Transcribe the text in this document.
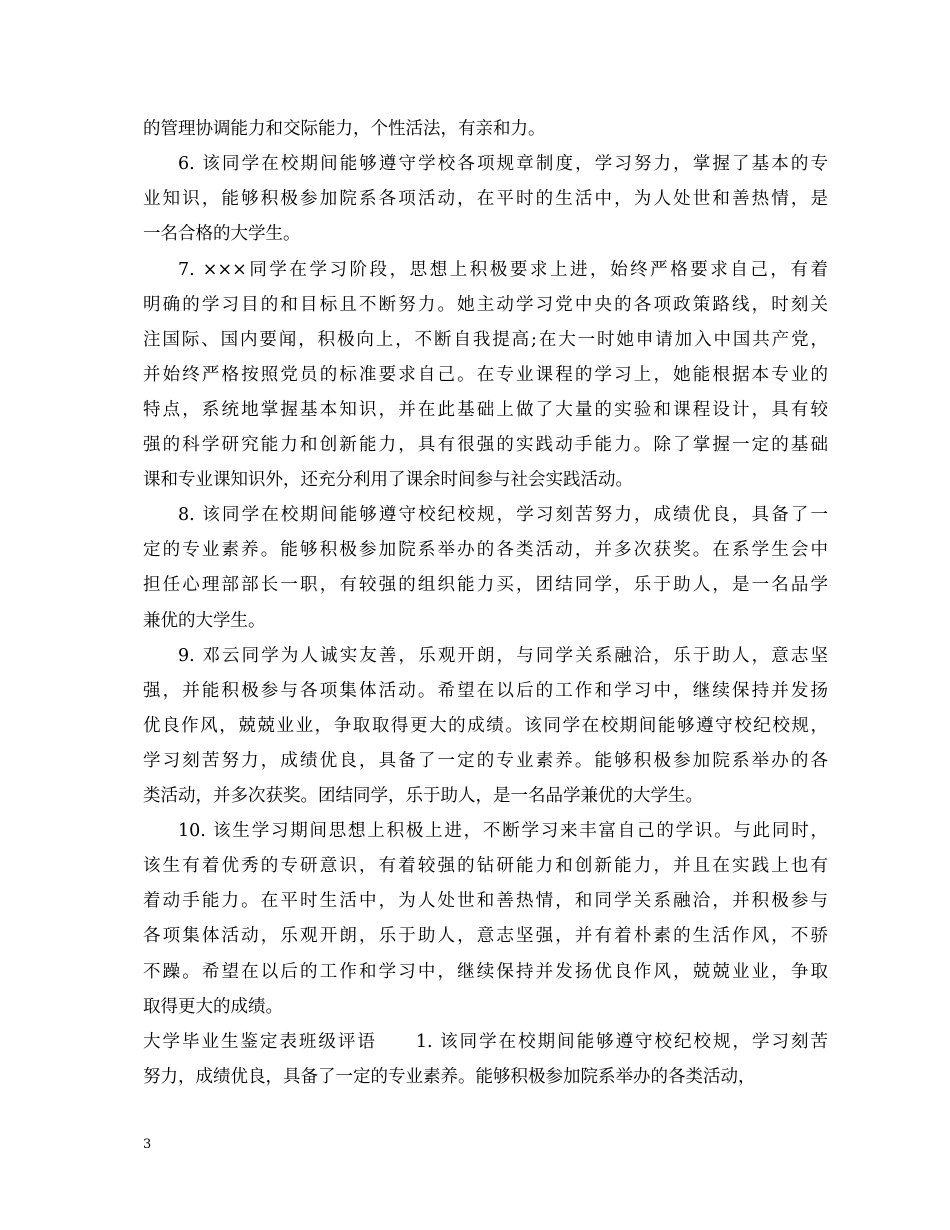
的管理协调能力和交际能力，个性活法，有亲和力。
6. 该同学在校期间能够遵守学校各项规章制度，学习努力，掌握了基本的专
业知识，能够积极参加院系各项活动，在平时的生活中，为人处世和善热情，是
一名合格的大学生。
7. ×××同学在学习阶段，思想上积极要求上进，始终严格要求自己，有着
明确的学习目的和目标且不断努力。她主动学习党中央的各项政策路线，时刻关
注国际、国内要闻，积极向上，不断自我提高;在大一时她申请加入中国共产党，
并始终严格按照党员的标准要求自己。在专业课程的学习上，她能根据本专业的
特点，系统地掌握基本知识，并在此基础上做了大量的实验和课程设计，具有较
强的科学研究能力和创新能力，具有很强的实践动手能力。除了掌握一定的基础
课和专业课知识外，还充分利用了课余时间参与社会实践活动。
8. 该同学在校期间能够遵守校纪校规，学习刻苦努力，成绩优良，具备了一
定的专业素养。能够积极参加院系举办的各类活动，并多次获奖。在系学生会中
担任心理部部长一职，有较强的组织能力买，团结同学，乐于助人，是一名品学
兼优的大学生。
9. 邓云同学为人诚实友善，乐观开朗，与同学关系融洽，乐于助人，意志坚
强，并能积极参与各项集体活动。希望在以后的工作和学习中，继续保持并发扬
优良作风，兢兢业业，争取取得更大的成绩。该同学在校期间能够遵守校纪校规，
学习刻苦努力，成绩优良，具备了一定的专业素养。能够积极参加院系举办的各
类活动，并多次获奖。团结同学，乐于助人，是一名品学兼优的大学生。
10. 该生学习期间思想上积极上进，不断学习来丰富自己的学识。与此同时，
该生有着优秀的专研意识，有着较强的钻研能力和创新能力，并且在实践上也有
着动手能力。在平时生活中，为人处世和善热情，和同学关系融洽，并积极参与
各项集体活动，乐观开朗，乐于助人，意志坚强，并有着朴素的生活作风，不骄
不躁。希望在以后的工作和学习中，继续保持并发扬优良作风，兢兢业业，争取
取得更大的成绩。
大学毕业生鉴定表班级评语　　1. 该同学在校期间能够遵守校纪校规，学习刻苦
努力，成绩优良，具备了一定的专业素养。能够积极参加院系举办的各类活动，
3
